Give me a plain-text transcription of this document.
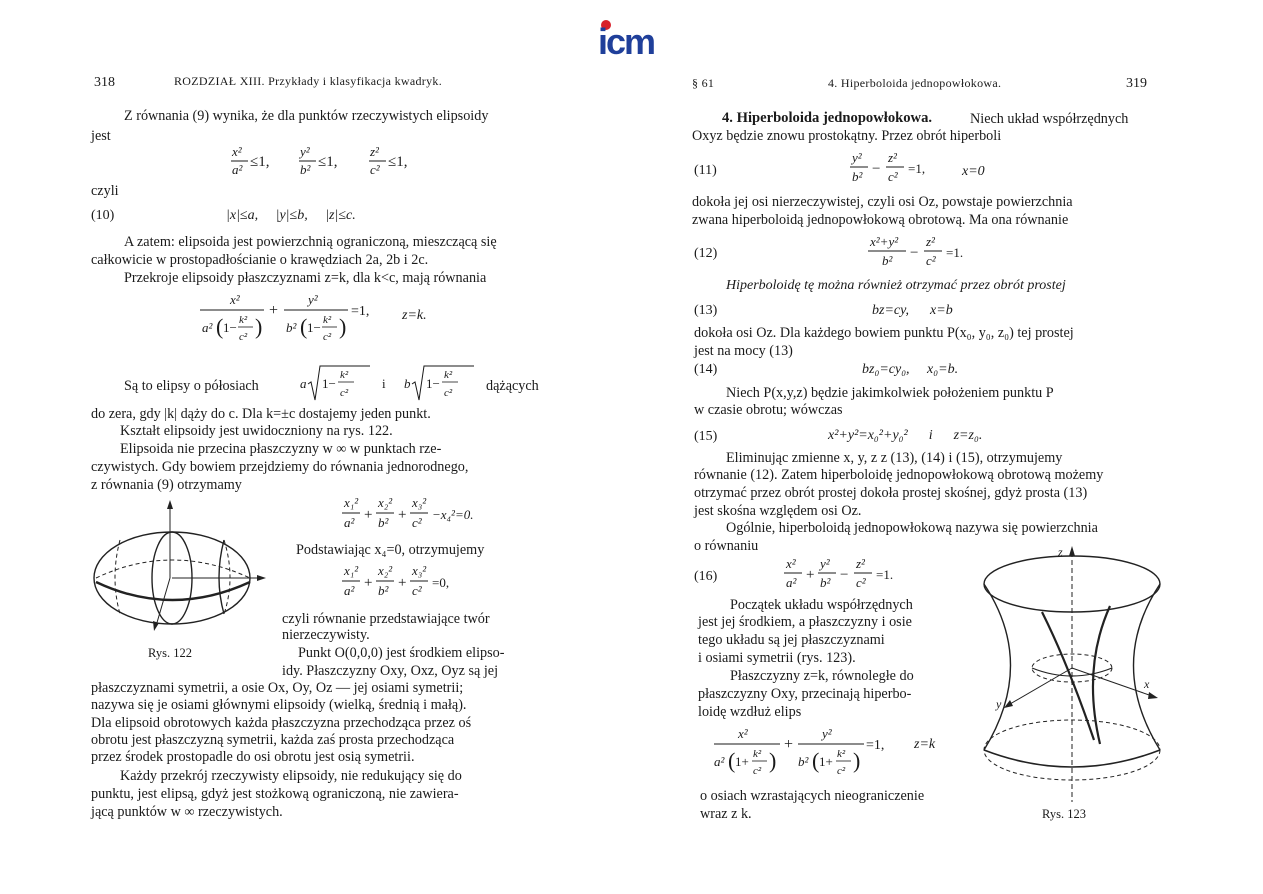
icm
318	ROZDZIAŁ XIII. Przykłady i klasyfikacja kwadryk.
Z równania (9) wynika, że dla punktów rzeczywistych elipsoidy
jest
x²
a² ≤1,
y²
b² ≤1,
z²
c² ≤1,
czyli
(10)	|x|≤a,     |y|≤b,     |z|≤c.
A zatem: elipsoida jest powierzchnią ograniczoną, mieszczącą się
całkowicie w prostopadłościanie o krawędziach 2a, 2b i 2c.
Przekroje elipsoidy płaszczyznami z=k, dla k<c, mają równania
x²
a² ( 1− k²
c² )
+
y²
b² ( 1− k²
c² )
=1, z=k.
Są to elipsy o półosiach	a 1−
k²
c²
i b 1−
k²
c² dążących
do zera, gdy |k| dąży do c. Dla k=±c dostajemy jeden punkt.
Kształt elipsoidy jest uwidoczniony na rys. 122.
Elipsoida nie przecina płaszczyzny w ∞ w punktach rze-
czywistych. Gdy bowiem przejdziemy do równania jednorodnego,
z równania (9) otrzymamy
x₁²
a² +
x₂²
b² +
x₃²
c²
−x₄²=0.
Podstawiając x₄=0, otrzymujemy
x₁²
a² +
x₂²
b² +
x₃²
c²
=0,
czyli równanie przedstawiające twór
nierzeczywisty.
Punkt O(0,0,0) jest środkiem elipso-
idy. Płaszczyzny Oxy, Oxz, Oyz są jej
płaszczyznami symetrii, a osie Ox, Oy, Oz — jej osiami symetrii;
nazywa się je osiami głównymi elipsoidy (wielką, średnią i małą).
Dla elipsoid obrotowych każda płaszczyzna przechodząca przez oś
obrotu jest płaszczyzną symetrii, każda zaś prosta przechodząca
przez środek prostopadle do osi obrotu jest osią symetrii.
Każdy przekrój rzeczywisty elipsoidy, nie redukujący się do
punktu, jest elipsą, gdyż jest stożkową ograniczoną, nie zawiera-
jącą punktów w ∞ rzeczywistych.
Rys. 122
§ 61	4. Hiperboloida jednopowłokowa.	319
4. Hiperboloida jednopowłokowa.	Niech układ współrzędnych
Oxyz będzie znowu prostokątny. Przez obrót hiperboli
(11)
y²
b² −
z²
c²
=1,	x=0
dokoła jej osi nierzeczywistej, czyli osi Oz, powstaje powierzchnia
zwana hiperboloidą jednopowłokową obrotową. Ma ona równanie
(12)
x²+y²
b² −
z²
c²
=1.
Hiperboloidę tę można również otrzymać przez obrót prostej
(13)	bz=cy,      x=b
dokoła osi Oz. Dla każdego bowiem punktu P(x₀, y₀, z₀) tej prostej
jest na mocy (13)
(14)	bz₀=cy₀,     x₀=b.
Niech P(x,y,z) będzie jakimkolwiek położeniem punktu P
w czasie obrotu; wówczas
(15)	x²+y²=x₀²+y₀²      i      z=z₀.
Eliminując zmienne x, y, z z (13), (14) i (15), otrzymujemy
równanie (12). Zatem hiperboloidę jednopowłokową obrotową możemy
otrzymać przez obrót prostej dokoła prostej skośnej, gdyż prosta (13)
jest skośna względem osi Oz.
Ogólnie, hiperboloidą jednopowłokową nazywa się powierzchnia
o równaniu
(16)
x²
a² +
y²
b² −
z²
c²
=1.
Początek układu współrzędnych
jest jej środkiem, a płaszczyzny i osie
tego układu są jej płaszczyznami
i osiami symetrii (rys. 123).
Płaszczyzny z=k, równoległe do
płaszczyzny Oxy, przecinają hiperbo-
loidę wzdłuż elips
x²
a² ( 1+ k²
c² )
+
y²
b² ( 1+ k²
c² )
=1, z=k
o osiach wzrastających nieograniczenie
wraz z k.
z
y
x
Rys. 123
